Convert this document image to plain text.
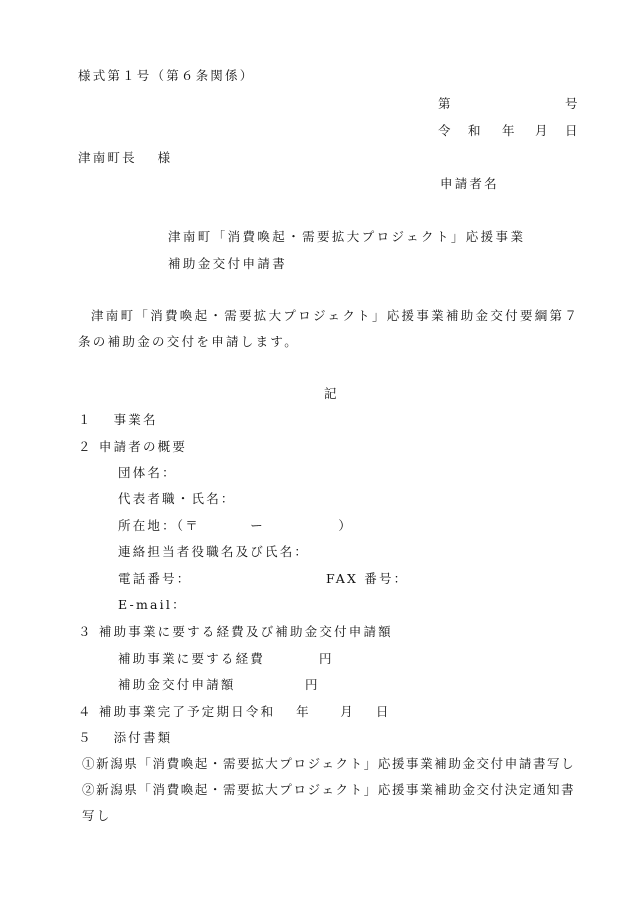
様式第１号（第６条関係）
第	号
令 和 年 月 日
津南町長　 様
申請者名
津南町「消費喚起・需要拡大プロジェクト」応援事業
補助金交付申請書
津南町「消費喚起・需要拡大プロジェクト」応援事業補助金交付要綱第７
条の補助金の交付を申請します。
記
１　 事業名
２ 申請者の概要
団体名：
代表者職・氏名：
所在地：（〒　　　 ー　　　　　）
連絡担当者役職名及び氏名：
電話番号：	FAX 番号：
E-mail：
３ 補助事業に要する経費及び補助金交付申請額
補助事業に要する経費	円
補助金交付申請額	円
４ 補助事業完了予定期日令和　 年　　月　 日
５　 添付書類
①新潟県「消費喚起・需要拡大プロジェクト」応援事業補助金交付申請書写し
②新潟県「消費喚起・需要拡大プロジェクト」応援事業補助金交付決定通知書
写し
